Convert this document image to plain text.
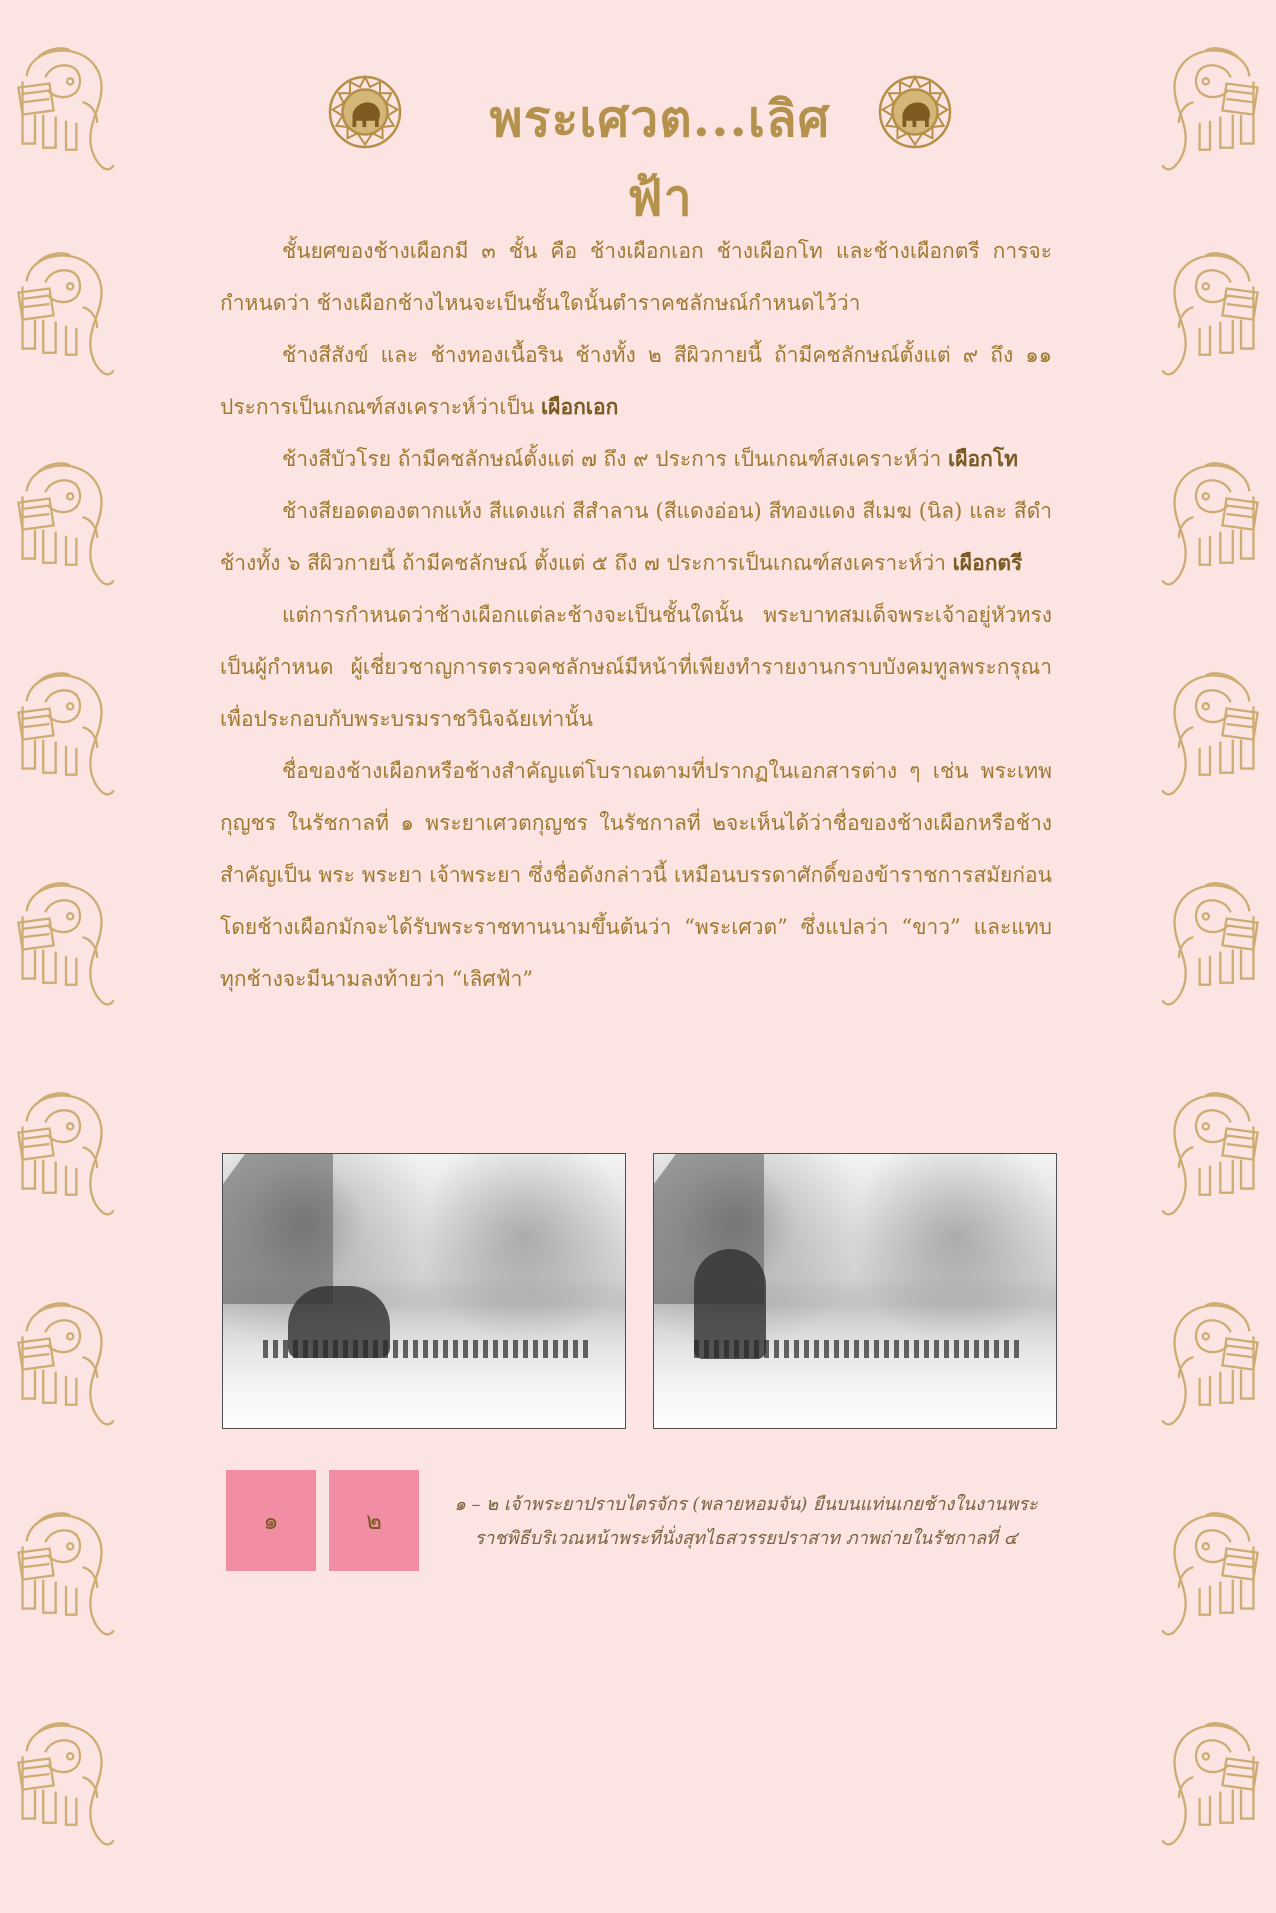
พระเศวต...เลิศฟ้า

ชั้นยศของช้างเผือกมี ๓ ชั้น คือ ช้างเผือกเอก ช้างเผือกโท และช้างเผือกตรี การจะกำหนดว่า ช้างเผือกช้างไหนจะเป็นชั้นใดนั้นตำราคชลักษณ์กำหนดไว้ว่า

ช้างสีสังข์ และ ช้างทองเนื้อริน ช้างทั้ง ๒ สีผิวกายนี้ ถ้ามีคชลักษณ์ตั้งแต่ ๙ ถึง ๑๑ ประการเป็นเกณฑ์สงเคราะห์ว่าเป็น เผือกเอก

ช้างสีบัวโรย ถ้ามีคชลักษณ์ตั้งแต่ ๗ ถึง ๙ ประการ เป็นเกณฑ์สงเคราะห์ว่า เผือกโท

ช้างสียอดตองตากแห้ง สีแดงแก่ สีสำลาน (สีแดงอ่อน) สีทองแดง สีเมฆ (นิล) และ สีดำ ช้างทั้ง ๖ สีผิวกายนี้ ถ้ามีคชลักษณ์ ตั้งแต่ ๕ ถึง ๗ ประการเป็นเกณฑ์สงเคราะห์ว่า เผือกตรี

แต่การกำหนดว่าช้างเผือกแต่ละช้างจะเป็นชั้นใดนั้น พระบาทสมเด็จพระเจ้าอยู่หัวทรงเป็นผู้กำหนด ผู้เชี่ยวชาญการตรวจคชลักษณ์มีหน้าที่เพียงทำรายงานกราบบังคมทูลพระกรุณาเพื่อประกอบกับพระบรมราชวินิจฉัยเท่านั้น

ชื่อของช้างเผือกหรือช้างสำคัญแต่โบราณตามที่ปรากฏในเอกสารต่าง ๆ เช่น พระเทพกุญชร ในรัชกาลที่ ๑ พระยาเศวตกุญชร ในรัชกาลที่ ๒จะเห็นได้ว่าชื่อของช้างเผือกหรือช้างสำคัญเป็น พระ พระยา เจ้าพระยา ซึ่งชื่อดังกล่าวนี้ เหมือนบรรดาศักดิ์ของข้าราชการสมัยก่อน โดยช้างเผือกมักจะได้รับพระราชทานนามขึ้นต้นว่า “พระเศวต” ซึ่งแปลว่า “ขาว” และแทบทุกช้างจะมีนามลงท้ายว่า “เลิศฟ้า”

๑	๒
๑ – ๒ เจ้าพระยาปราบไตรจักร (พลายหอมจัน) ยืนบนแท่นเกยช้างในงานพระราชพิธีบริเวณหน้าพระที่นั่งสุทไธสวรรยปราสาท ภาพถ่ายในรัชกาลที่ ๔
